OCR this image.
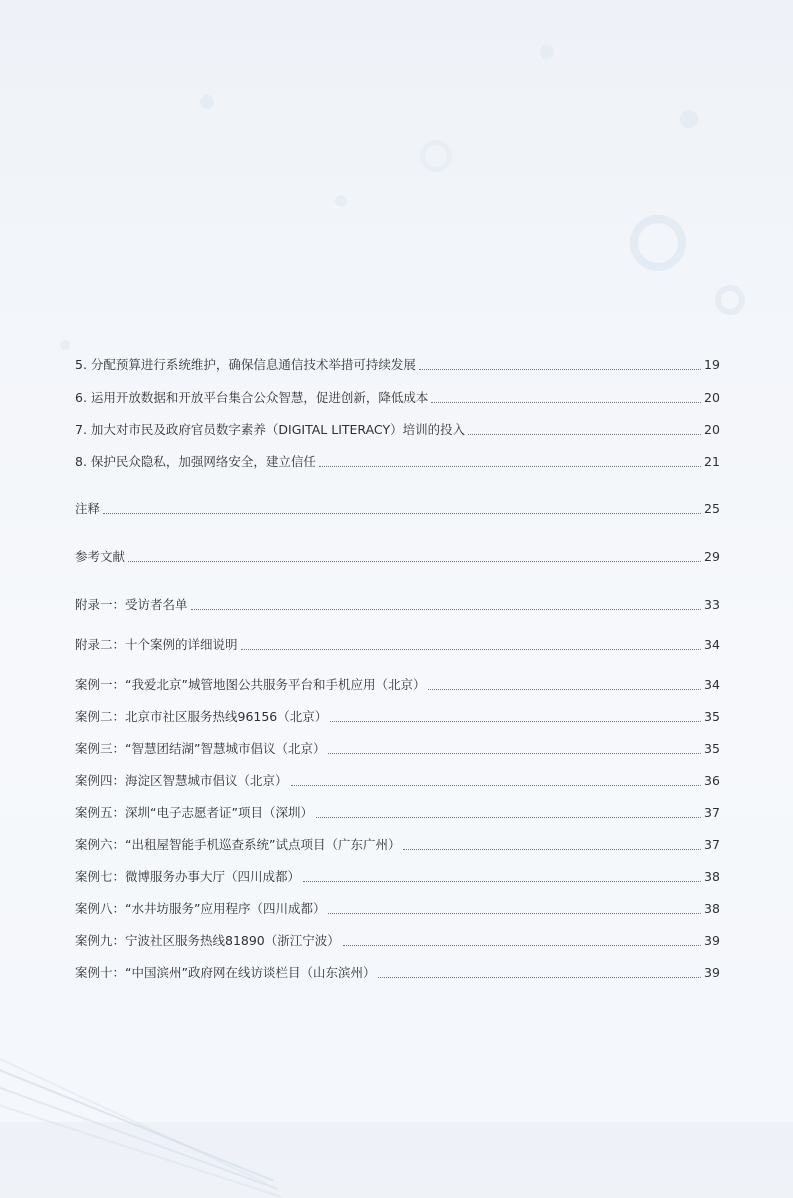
5. 分配预算进行系统维护，确保信息通信技术举措可持续发展	19
6. 运用开放数据和开放平台集合公众智慧，促进创新，降低成本	20
7. 加大对市民及政府官员数字素养（DIGITAL LITERACY）培训的投入	20
8. 保护民众隐私，加强网络安全，建立信任	21
注释	25
参考文献	29
附录一：受访者名单	33
附录二：十个案例的详细说明	34
案例一：“我爱北京”城管地图公共服务平台和手机应用（北京）	34
案例二：北京市社区服务热线96156（北京）	35
案例三：“智慧团结湖”智慧城市倡议（北京）	35
案例四：海淀区智慧城市倡议（北京）	36
案例五：深圳“电子志愿者证”项目（深圳）	37
案例六：“出租屋智能手机巡查系统”试点项目（广东广州）	37
案例七：微博服务办事大厅（四川成都）	38
案例八：“水井坊服务”应用程序（四川成都）	38
案例九：宁波社区服务热线81890（浙江宁波）	39
案例十：“中国滨州”政府网在线访谈栏目（山东滨州）	39
